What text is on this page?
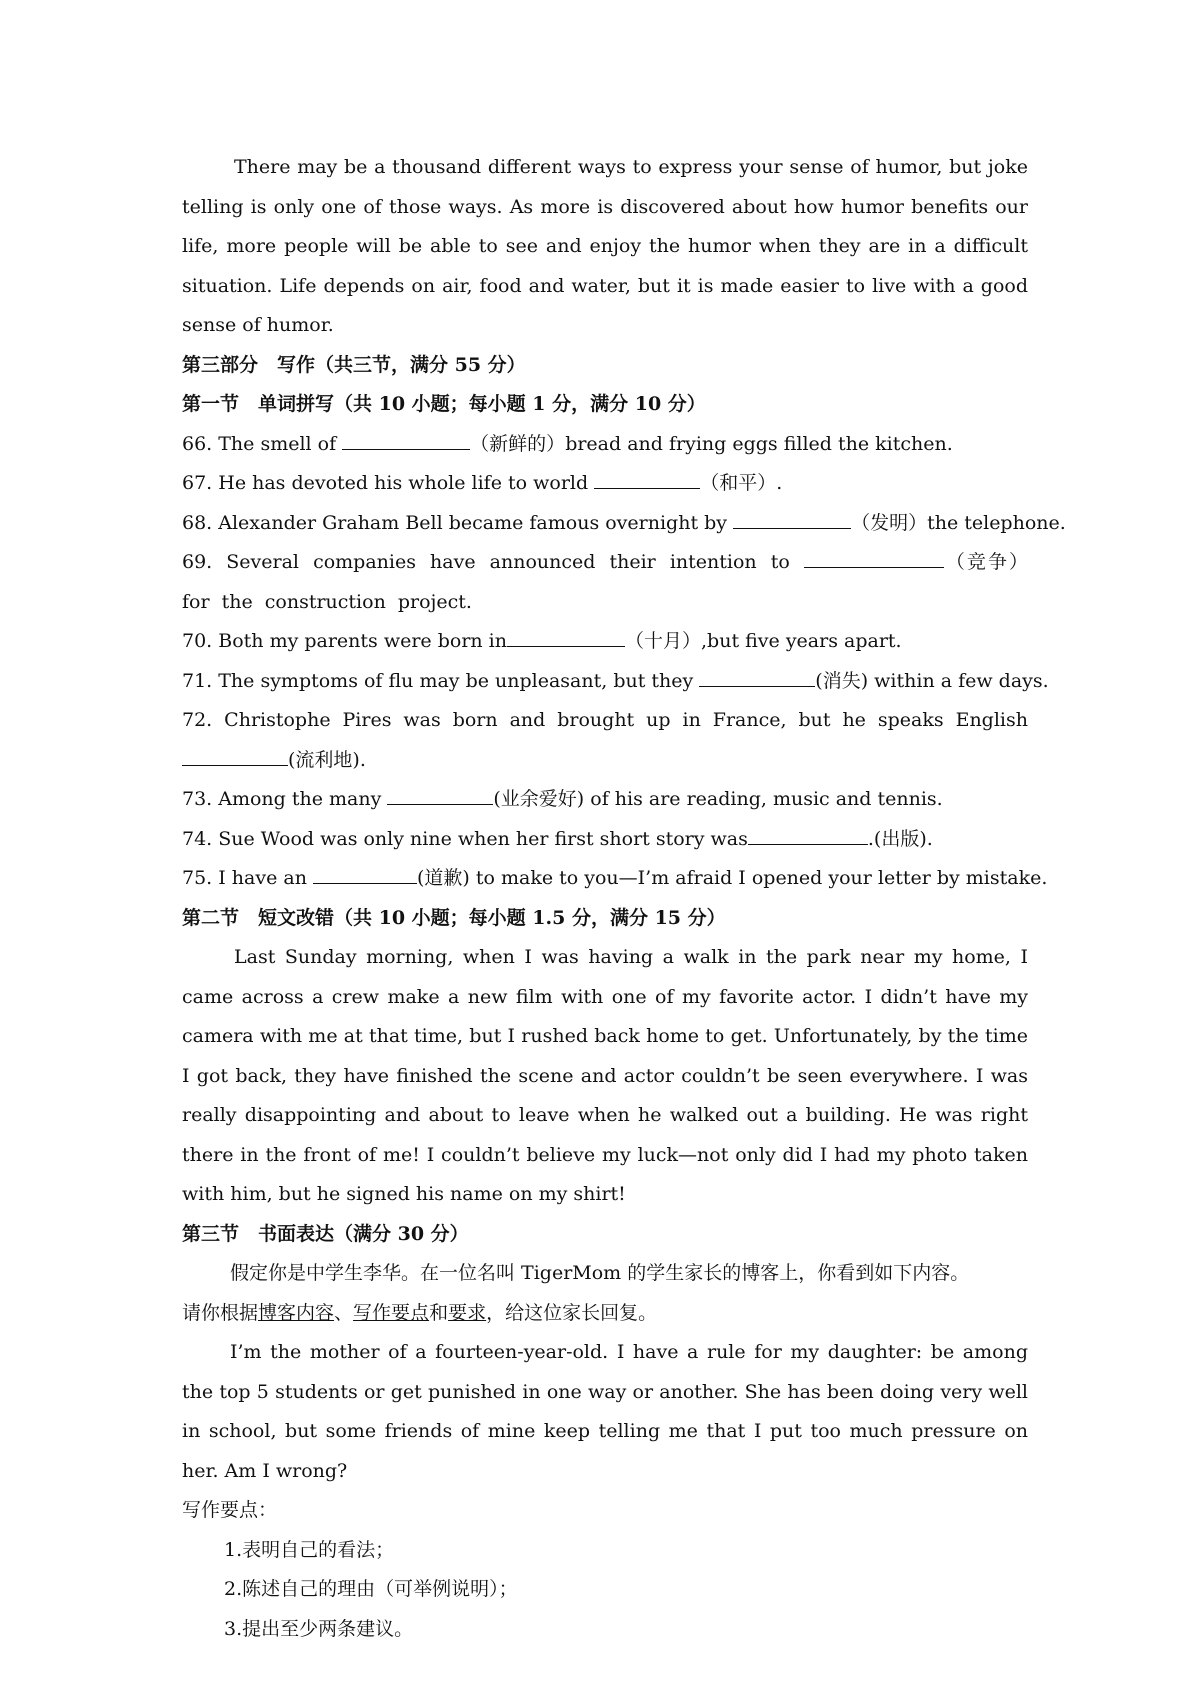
There may be a thousand different ways to express your sense of humor, but joke telling is only one of those ways. As more is discovered about how humor benefits our life, more people will be able to see and enjoy the humor when they are in a difficult situation. Life depends on air, food and water, but it is made easier to live with a good sense of humor.

第三部分　写作（共三节，满分 55 分）

第一节　单词拼写（共 10 小题；每小题 1 分，满分 10 分）

66. The smell of	（新鲜的）bread and frying eggs filled the kitchen.

67. He has devoted his whole life to world	（和平）.

68. Alexander Graham Bell became famous overnight by	（发明）the telephone.

69. Several companies have announced their intention to	（竞争）for the construction project.

70. Both my parents were born in	（十月）,but five years apart.

71. The symptoms of flu may be unpleasant, but they	(消失) within a few days.

72. Christophe Pires was born and brought up in France, but he speaks English (流利地).

73. Among the many	(业余爱好) of his are reading, music and tennis.

74. Sue Wood was only nine when her first short story was	.(出版).

75. I have an	(道歉) to make to you—I’m afraid I opened your letter by mistake.

第二节　短文改错（共 10 小题；每小题 1.5 分，满分 15 分）

Last Sunday morning, when I was having a walk in the park near my home, I came across a crew make a new film with one of my favorite actor. I didn’t have my camera with me at that time, but I rushed back home to get. Unfortunately, by the time I got back, they have finished the scene and actor couldn’t be seen everywhere. I was really disappointing and about to leave when he walked out a building. He was right there in the front of me! I couldn’t believe my luck—not only did I had my photo taken with him, but he signed his name on my shirt!

第三节　书面表达（满分 30 分）

假定你是中学生李华。在一位名叫 TigerMom 的学生家长的博客上，你看到如下内容。

请你根据博客内容、写作要点和要求，给这位家长回复。

I’m the mother of a fourteen-year-old. I have a rule for my daughter: be among the top 5 students or get punished in one way or another. She has been doing very well in school, but some friends of mine keep telling me that I put too much pressure on her. Am I wrong?

写作要点：

1.表明自己的看法；

2.陈述自己的理由（可举例说明）；

3.提出至少两条建议。
